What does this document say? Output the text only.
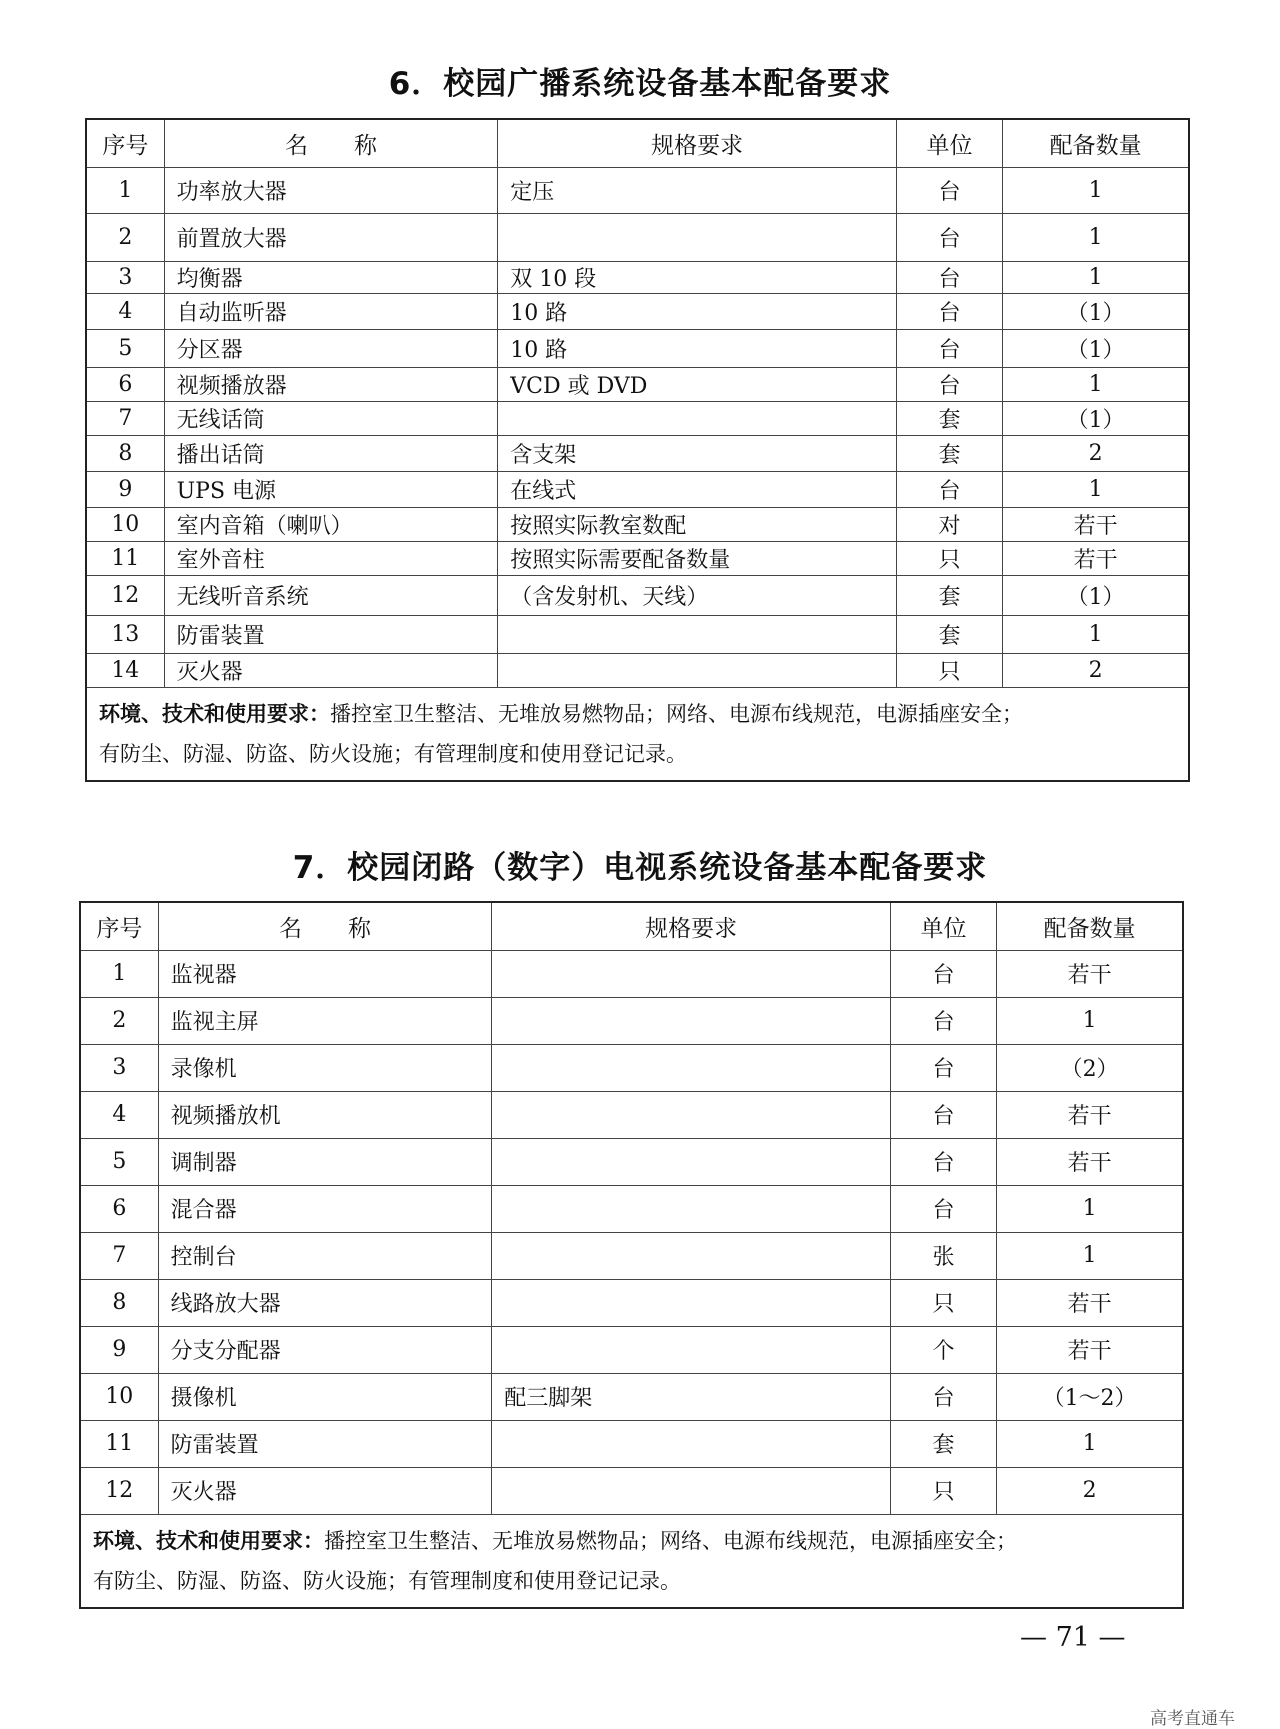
6．校园广播系统设备基本配备要求
序号	名　　称	规格要求	单位	配备数量
1	功率放大器	定压	台	1
2	前置放大器		台	1
3	均衡器	双 10 段	台	1
4	自动监听器	10 路	台	（1）
5	分区器	10 路	台	（1）
6	视频播放器	VCD 或 DVD	台	1
7	无线话筒		套	（1）
8	播出话筒	含支架	套	2
9	UPS 电源	在线式	台	1
10	室内音箱（喇叭）	按照实际教室数配	对	若干
11	室外音柱	按照实际需要配备数量	只	若干
12	无线听音系统	（含发射机、天线）	套	（1）
13	防雷装置		套	1
14	灭火器		只	2
环境、技术和使用要求：播控室卫生整洁、无堆放易燃物品；网络、电源布线规范，电源插座安全；
有防尘、防湿、防盗、防火设施；有管理制度和使用登记记录。				
7．校园闭路（数字）电视系统设备基本配备要求
序号	名　　称	规格要求	单位	配备数量
1	监视器		台	若干
2	监视主屏		台	1
3	录像机		台	（2）
4	视频播放机		台	若干
5	调制器		台	若干
6	混合器		台	1
7	控制台		张	1
8	线路放大器		只	若干
9	分支分配器		个	若干
10	摄像机	配三脚架	台	（1～2）
11	防雷装置		套	1
12	灭火器		只	2
环境、技术和使用要求：播控室卫生整洁、无堆放易燃物品；网络、电源布线规范，电源插座安全；
有防尘、防湿、防盗、防火设施；有管理制度和使用登记记录。				
— 71 —
高考直通车
